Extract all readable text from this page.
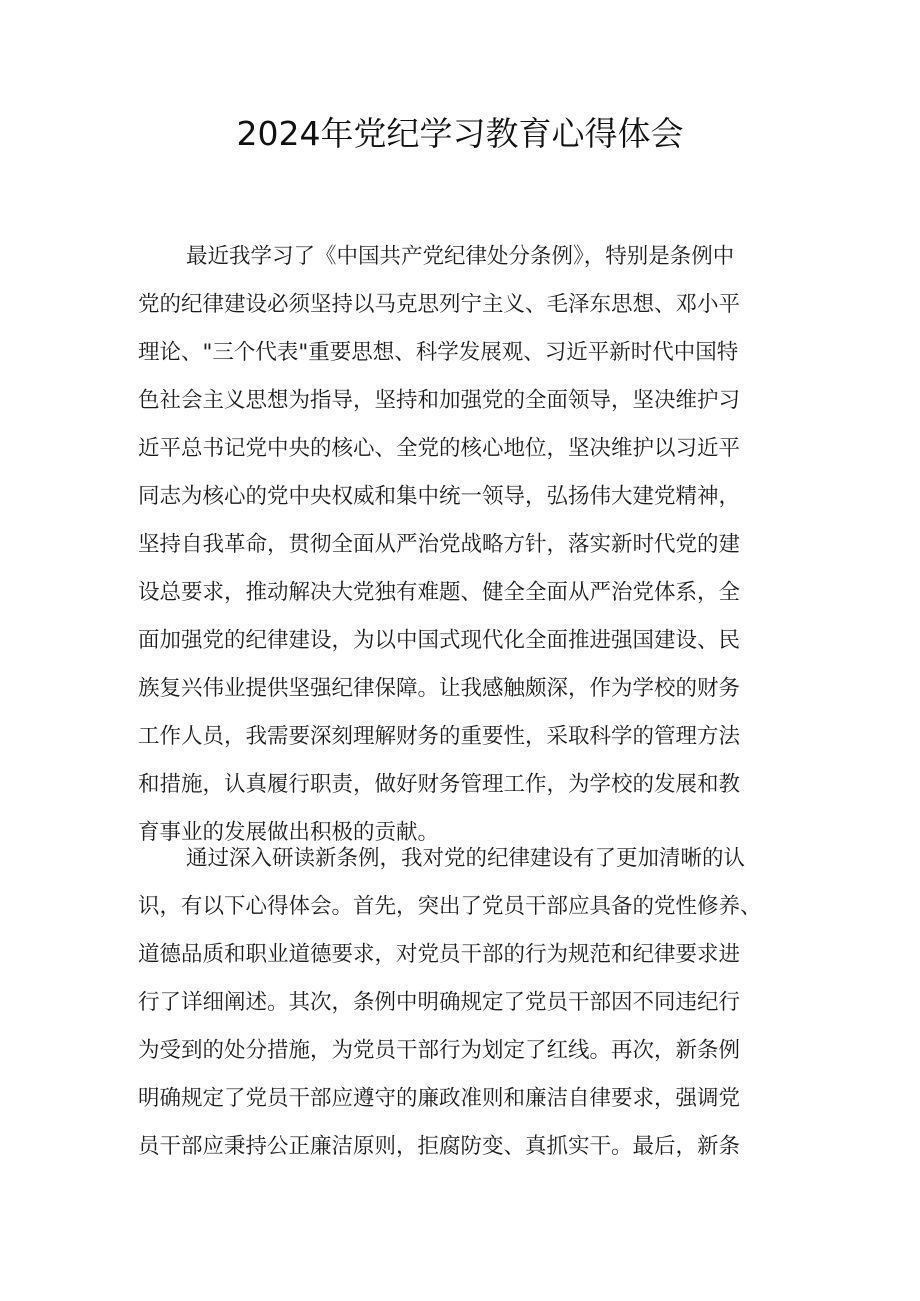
2024年党纪学习教育心得体会
最近我学习了《中国共产党纪律处分条例》，特别是条例中
党的纪律建设必须坚持以马克思列宁主义、毛泽东思想、邓小平
理论、"三个代表"重要思想、科学发展观、习近平新时代中国特
色社会主义思想为指导，坚持和加强党的全面领导，坚决维护习
近平总书记党中央的核心、全党的核心地位，坚决维护以习近平
同志为核心的党中央权威和集中统一领导，弘扬伟大建党精神，
坚持自我革命，贯彻全面从严治党战略方针，落实新时代党的建
设总要求，推动解决大党独有难题、健全全面从严治党体系，全
面加强党的纪律建设，为以中国式现代化全面推进强国建设、民
族复兴伟业提供坚强纪律保障。让我感触颇深，作为学校的财务
工作人员，我需要深刻理解财务的重要性，采取科学的管理方法
和措施，认真履行职责，做好财务管理工作，为学校的发展和教
育事业的发展做出积极的贡献。
通过深入研读新条例，我对党的纪律建设有了更加清晰的认
识，有以下心得体会。首先，突出了党员干部应具备的党性修养、
道德品质和职业道德要求，对党员干部的行为规范和纪律要求进
行了详细阐述。其次，条例中明确规定了党员干部因不同违纪行
为受到的处分措施，为党员干部行为划定了红线。再次，新条例
明确规定了党员干部应遵守的廉政准则和廉洁自律要求，强调党
员干部应秉持公正廉洁原则，拒腐防变、真抓实干。最后，新条
